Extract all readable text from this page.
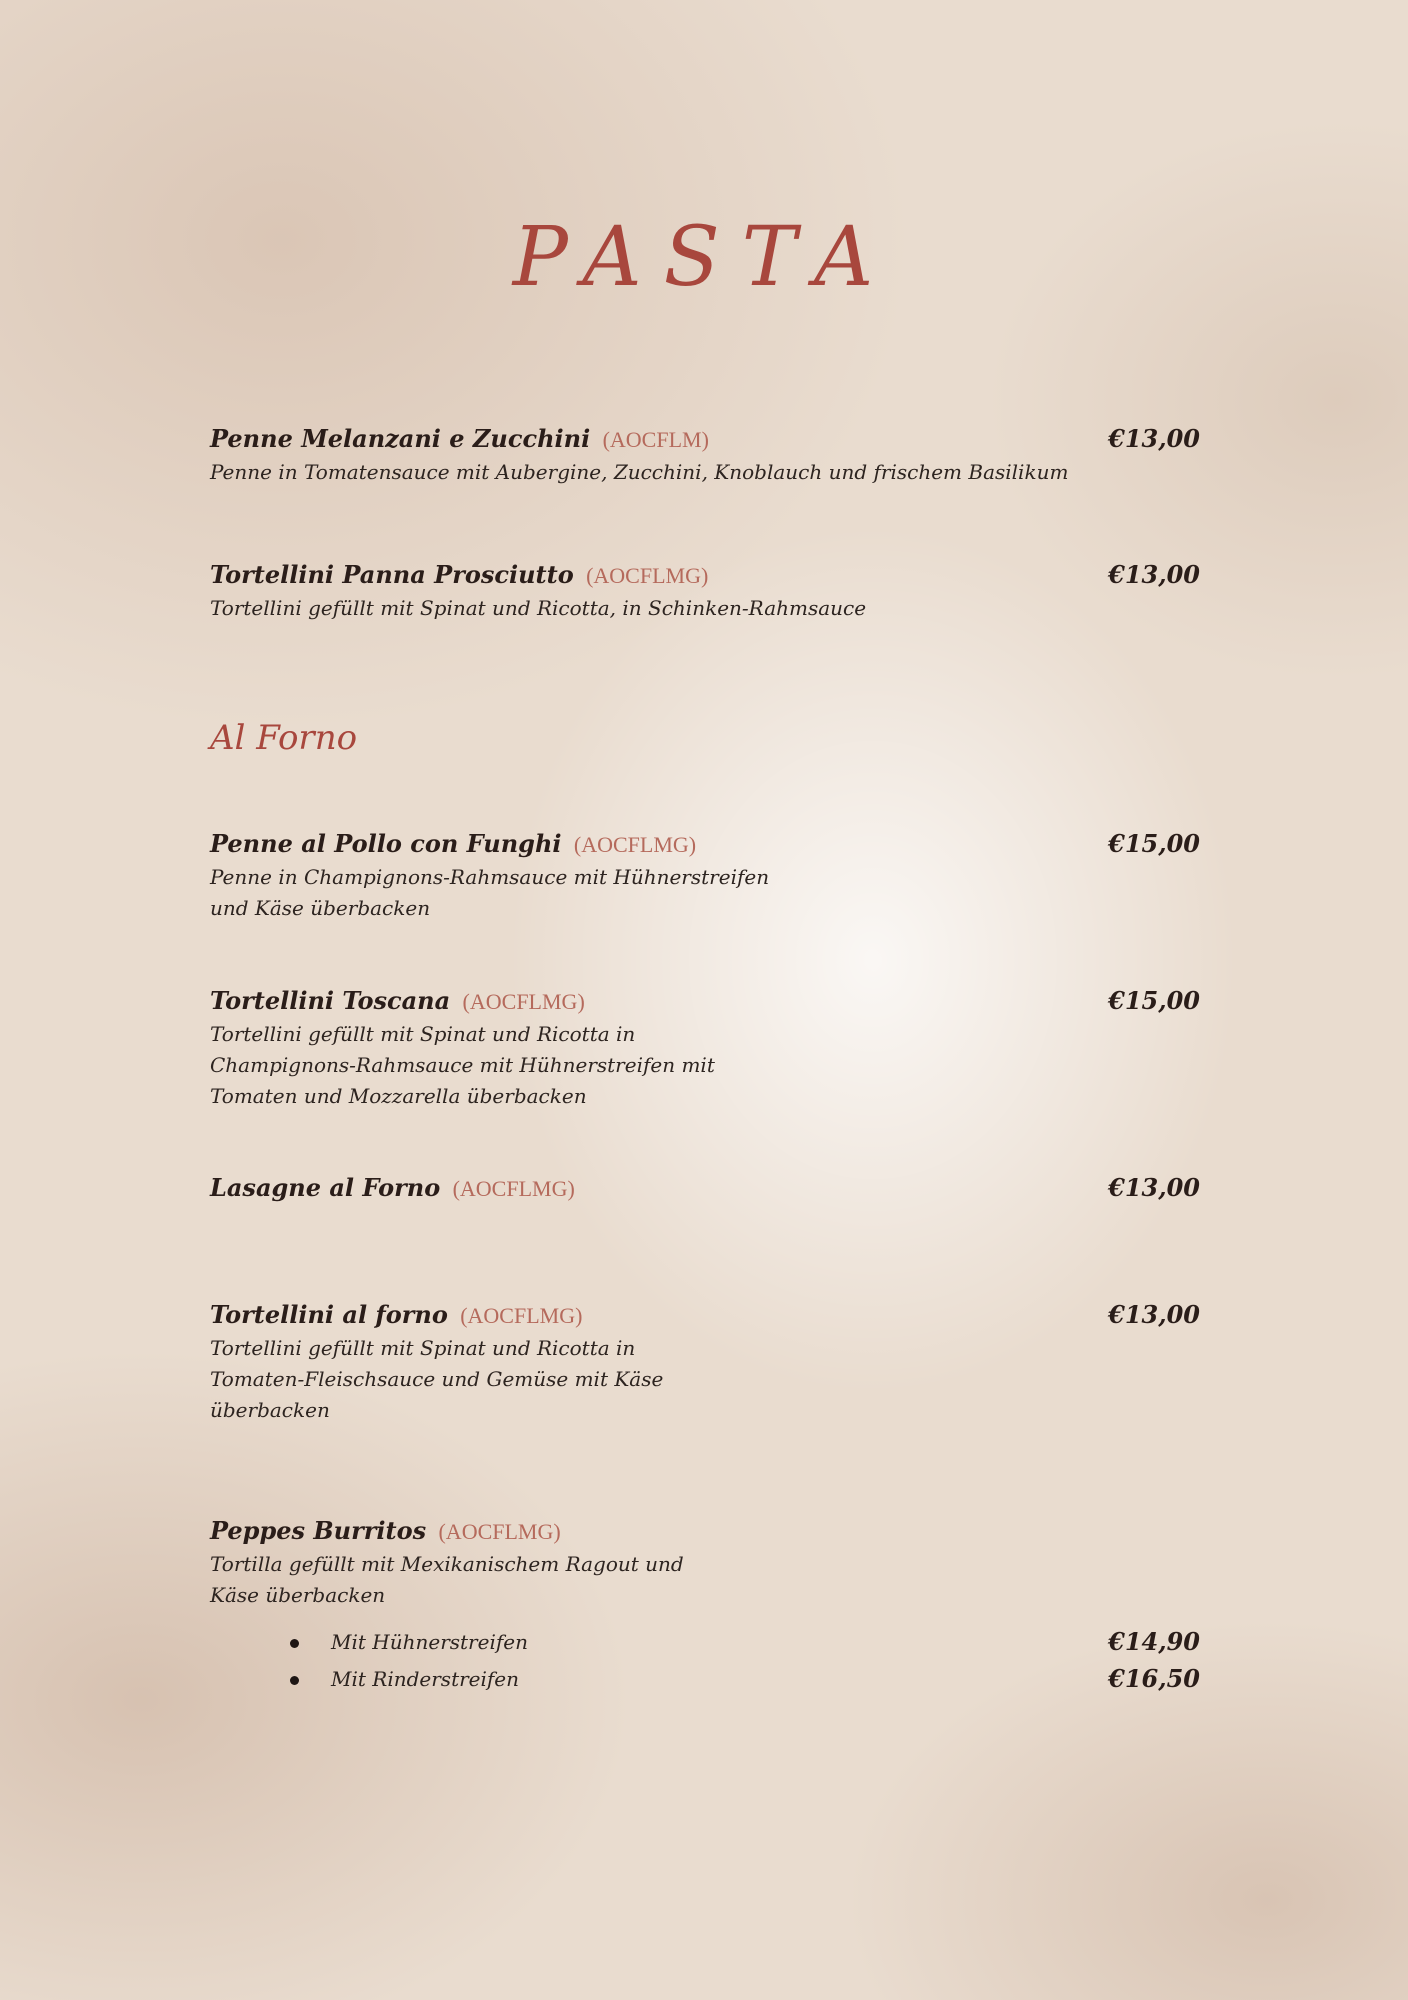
PASTA
Penne Melanzani e Zucchini (AOCFLM)
Penne in Tomatensauce mit Aubergine, Zucchini, Knoblauch und frischem Basilikum
€13,00
Tortellini Panna Prosciutto (AOCFLMG)
Tortellini gefüllt mit Spinat und Ricotta, in Schinken-Rahmsauce
€13,00
Al Forno
Penne al Pollo con Funghi (AOCFLMG)
Penne in Champignons-Rahmsauce mit Hühnerstreifen
und Käse überbacken
€15,00
Tortellini Toscana (AOCFLMG)
Tortellini gefüllt mit Spinat und Ricotta in
Champignons-Rahmsauce mit Hühnerstreifen mit
Tomaten und Mozzarella überbacken
€15,00
Lasagne al Forno (AOCFLMG)	€13,00
Tortellini al forno (AOCFLMG)
Tortellini gefüllt mit Spinat und Ricotta in
Tomaten-Fleischsauce und Gemüse mit Käse
überbacken
€13,00
Peppes Burritos (AOCFLMG)
Tortilla gefüllt mit Mexikanischem Ragout und
Käse überbacken
Mit Hühnerstreifen	€14,90
Mit Rinderstreifen	€16,50
